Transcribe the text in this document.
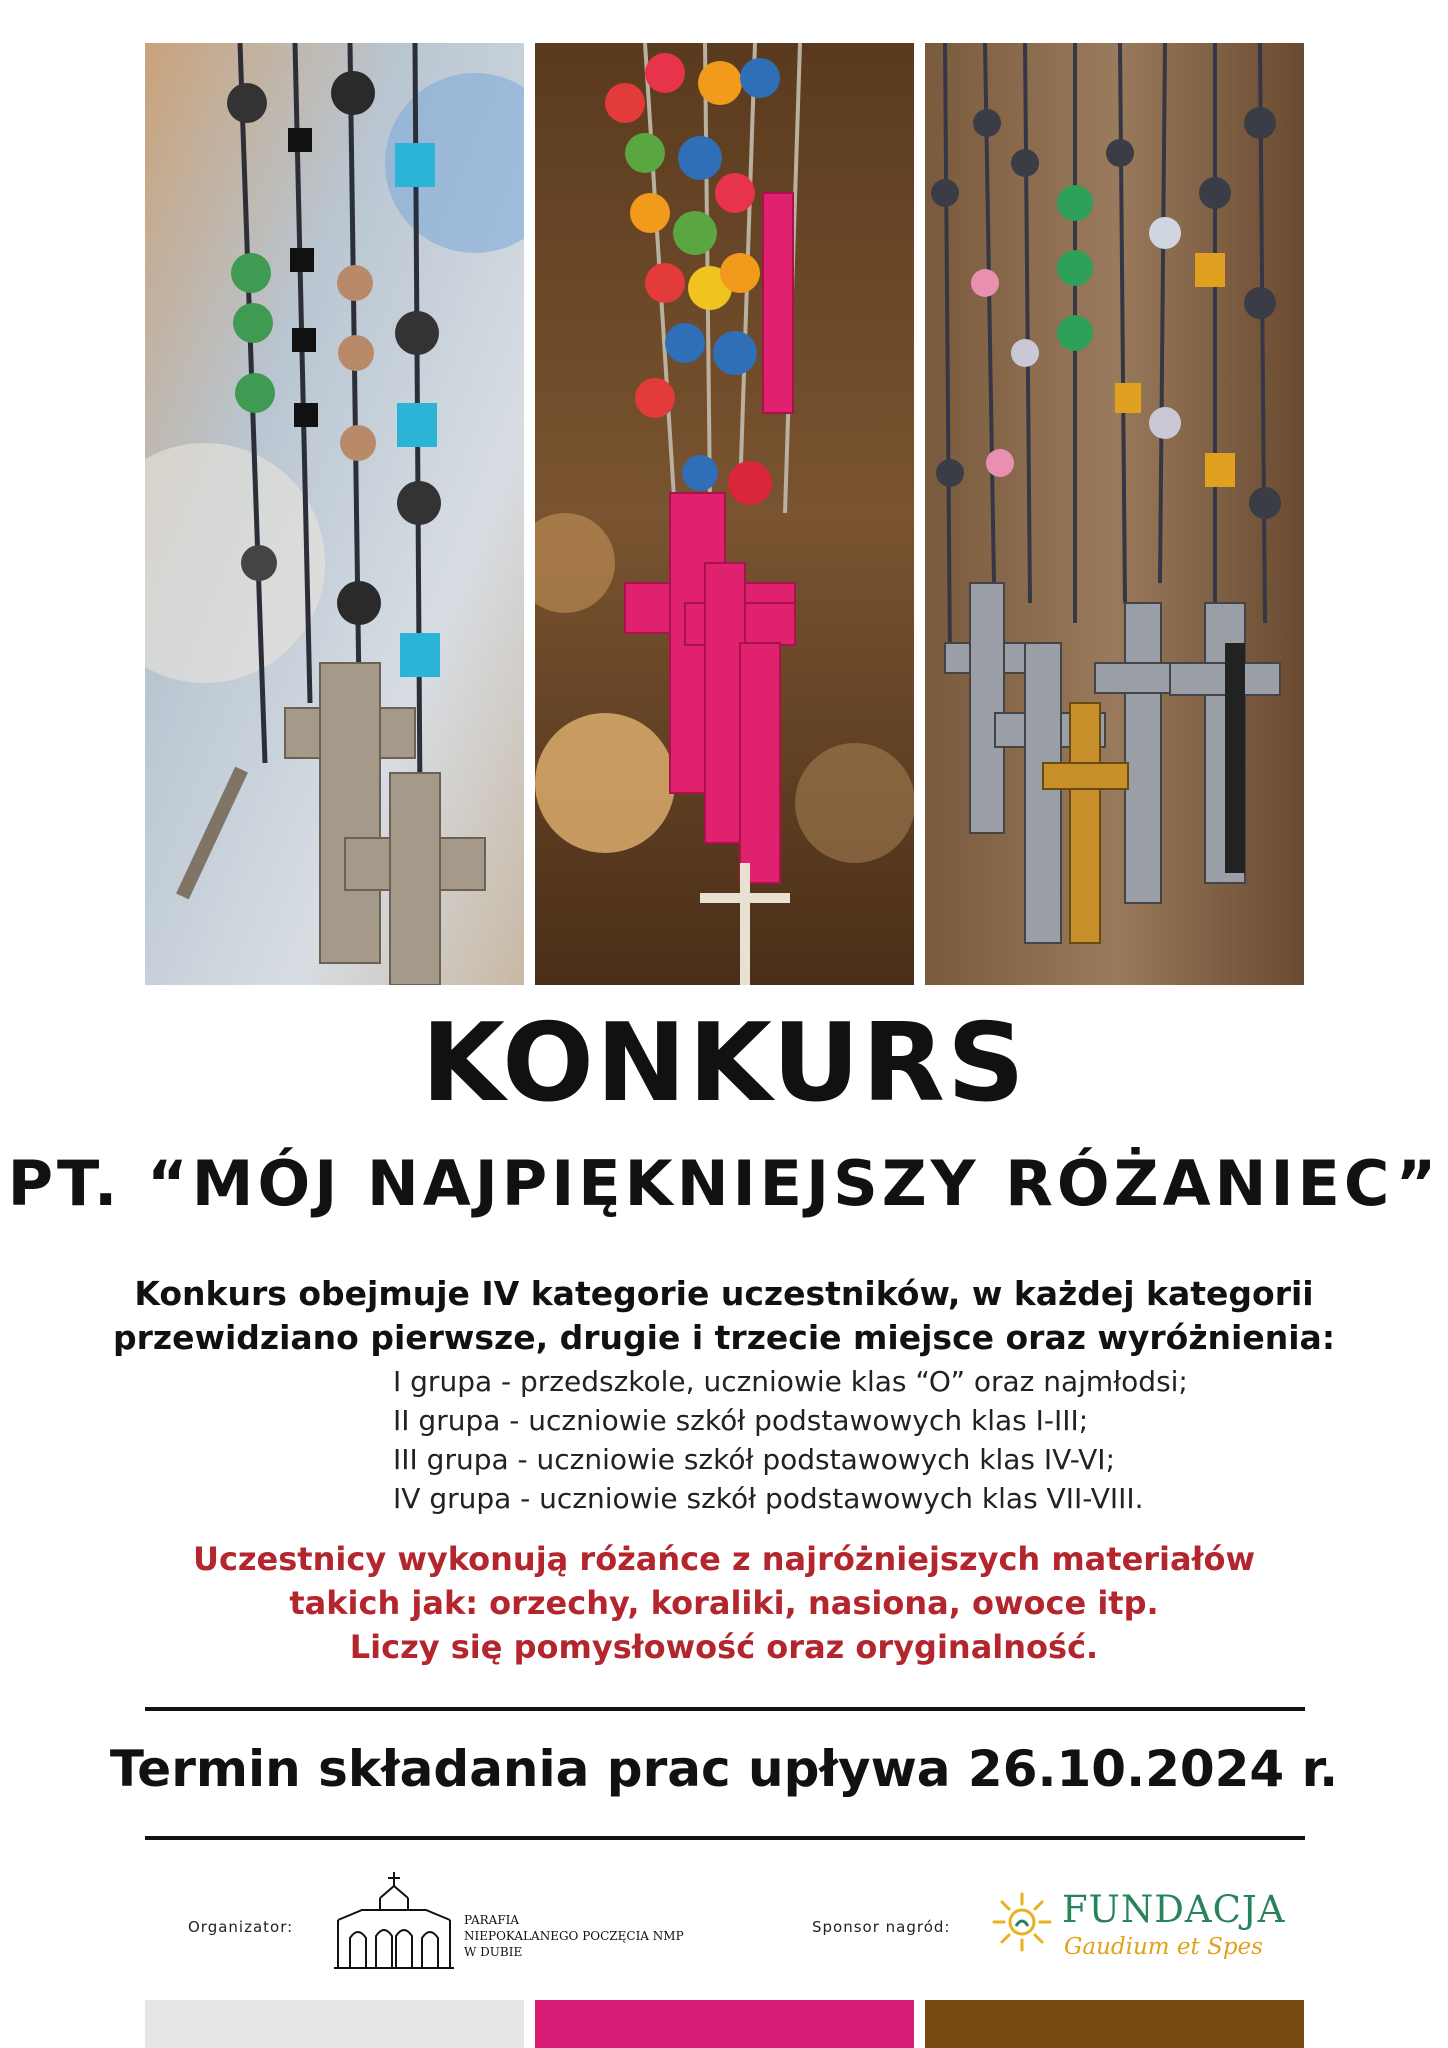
KONKURS
PT. “MÓJ NAJPIĘKNIEJSZY RÓŻANIEC”
Konkurs obejmuje IV kategorie uczestników, w każdej kategorii
przewidziano pierwsze, drugie i trzecie miejsce oraz wyróżnienia:
I grupa - przedszkole, uczniowie klas “O” oraz najmłodsi;
II grupa - uczniowie szkół podstawowych klas I-III;
III grupa - uczniowie szkół podstawowych klas IV-VI;
IV grupa - uczniowie szkół podstawowych klas VII-VIII.
Uczestnicy wykonują różańce z najróżniejszych materiałów
takich jak: orzechy, koraliki, nasiona, owoce itp.
Liczy się pomysłowość oraz oryginalność.
Termin składania prac upływa 26.10.2024 r.
Organizator:	PARAFIA
NIEPOKALANEGO POCZĘCIA NMP
W DUBIE
Sponsor nagród:	FUNDACJA
Gaudium et Spes
